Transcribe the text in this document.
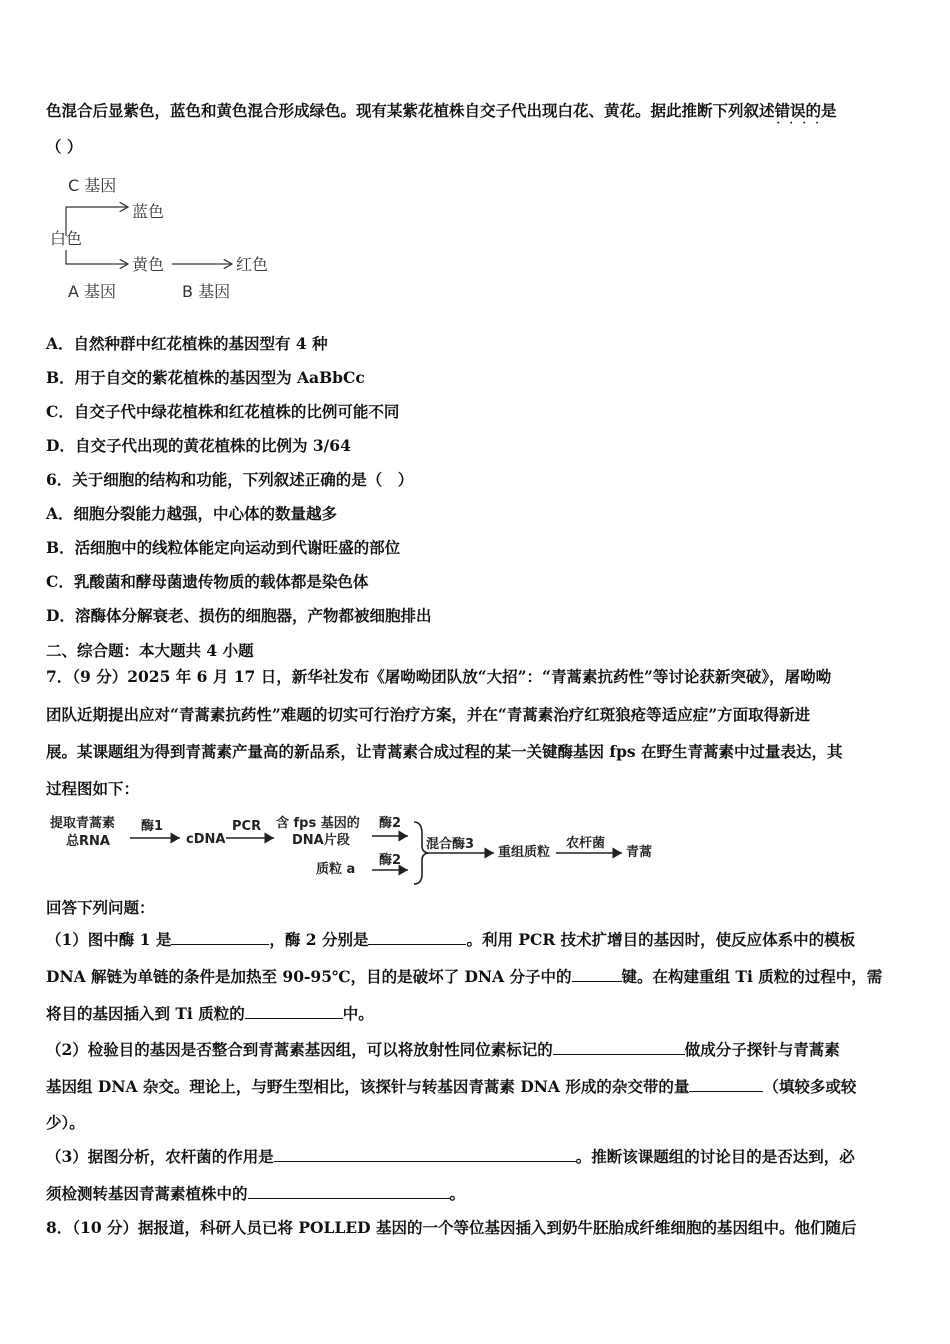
色混合后显紫色，蓝色和黄色混合形成绿色。现有某紫花植株自交子代出现白花、黄花。据此推断下列叙述错误 · · · ·的是
（ ）
C 基因
蓝色
白色
黄色	红色
A 基因	B 基因
A．自然种群中红花植株的基因型有 4 种
B．用于自交的紫花植株的基因型为 AaBbCc
C．自交子代中绿花植株和红花植株的比例可能不同
D．自交子代出现的黄花植株的比例为 3/64
6．关于细胞的结构和功能，下列叙述正确的是（　）
A．细胞分裂能力越强，中心体的数量越多
B．活细胞中的线粒体能定向运动到代谢旺盛的部位
C．乳酸菌和酵母菌遗传物质的载体都是染色体
D．溶酶体分解衰老、损伤的细胞器，产物都被细胞排出
二、综合题：本大题共 4 小题
7．（9 分）2025 年 6 月 17 日，新华社发布《屠呦呦团队放“大招”：“青蒿素抗药性”等讨论获新突破》，屠呦呦
团队近期提出应对“青蒿素抗药性”难题的切实可行治疗方案，并在“青蒿素治疗红斑狼疮等适应症”方面取得新进
展。某课题组为得到青蒿素产量高的新品系，让青蒿素合成过程的某一关键酶基因 fps 在野生青蒿素中过量表达，其
过程图如下：
提取青蒿素
总RNA
酶1
cDNA
PCR 含 fps 基因的
DNA片段
酶2
质粒 a
酶2
混合酶3
重组质粒
农杆菌
青蒿
回答下列问题：
（1）图中酶 1 是	，酶 2 分别是	。利用 PCR 技术扩增目的基因时，使反应体系中的模板
DNA 解链为单链的条件是加热至 90-95℃，目的是破坏了 DNA 分子中的	键。在构建重组 Ti 质粒的过程中，需
将目的基因插入到 Ti 质粒的	中。
（2）检验目的基因是否整合到青蒿素基因组，可以将放射性同位素标记的	做成分子探针与青蒿素
基因组 DNA 杂交。理论上，与野生型相比，该探针与转基因青蒿素 DNA 形成的杂交带的量	（填较多或较
少）。
（3）据图分析，农杆菌的作用是	。推断该课题组的讨论目的是否达到，必
须检测转基因青蒿素植株中的	。
8．（10 分）据报道，科研人员已将 POLLED 基因的一个等位基因插入到奶牛胚胎成纤维细胞的基因组中。他们随后
